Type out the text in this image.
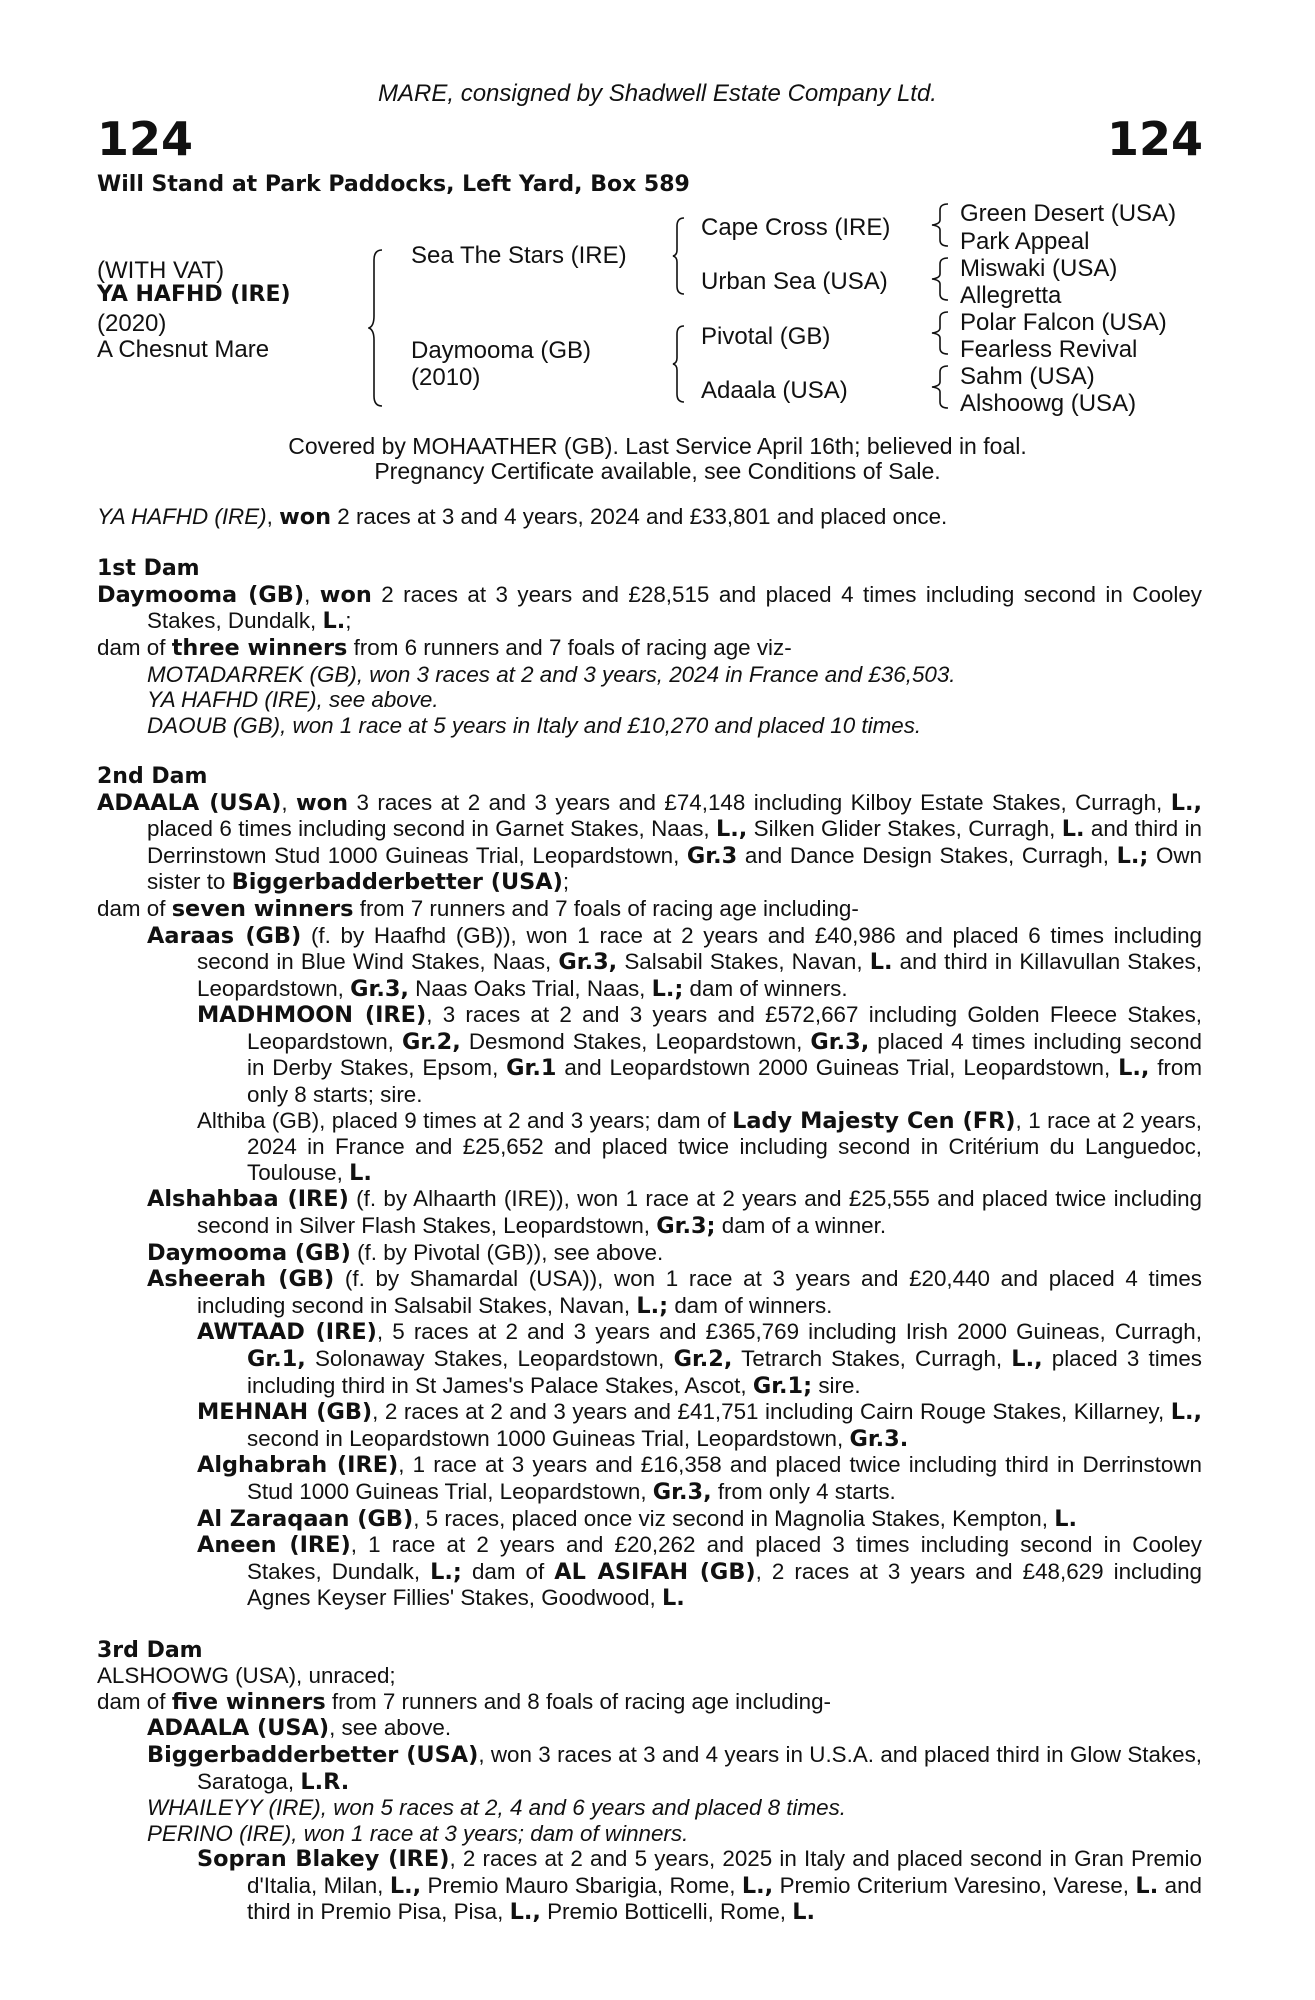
124	124
MARE, consigned by Shadwell Estate Company Ltd.
Will Stand at Park Paddocks, Left Yard, Box 589
(WITH VAT)
YA HAFHD (IRE)
(2020)
A Chesnut Mare
Sea The Stars (IRE)
Daymooma (GB)
(2010)
Cape Cross (IRE)
Urban Sea (USA)
Pivotal (GB)
Adaala (USA)
Green Desert (USA)
Park Appeal
Miswaki (USA)
Allegretta
Polar Falcon (USA)
Fearless Revival
Sahm (USA)
Alshoowg (USA)
Covered by MOHAATHER (GB). Last Service April 16th; believed in foal.
Pregnancy Certificate available, see Conditions of Sale.

YA HAFHD (IRE), won 2 races at 3 and 4 years, 2024 and £33,801 and placed once.

1st Dam

Daymooma (GB), won 2 races at 3 years and £28,515 and placed 4 times including second in Cooley Stakes, Dundalk, L.;

dam of three winners from 6 runners and 7 foals of racing age viz-

MOTADARREK (GB), won 3 races at 2 and 3 years, 2024 in France and £36,503.

YA HAFHD (IRE), see above.

DAOUB (GB), won 1 race at 5 years in Italy and £10,270 and placed 10 times.

2nd Dam

ADAALA (USA), won 3 races at 2 and 3 years and £74,148 including Kilboy Estate Stakes, Curragh, L., placed 6 times including second in Garnet Stakes, Naas, L., Silken Glider Stakes, Curragh, L. and third in Derrinstown Stud 1000 Guineas Trial, Leopardstown, Gr.3 and Dance Design Stakes, Curragh, L.; Own sister to Biggerbadderbetter (USA);

dam of seven winners from 7 runners and 7 foals of racing age including-

Aaraas (GB) (f. by Haafhd (GB)), won 1 race at 2 years and £40,986 and placed 6 times including second in Blue Wind Stakes, Naas, Gr.3, Salsabil Stakes, Navan, L. and third in Killavullan Stakes, Leopardstown, Gr.3, Naas Oaks Trial, Naas, L.; dam of winners.

MADHMOON (IRE), 3 races at 2 and 3 years and £572,667 including Golden Fleece Stakes, Leopardstown, Gr.2, Desmond Stakes, Leopardstown, Gr.3, placed 4 times including second in Derby Stakes, Epsom, Gr.1 and Leopardstown 2000 Guineas Trial, Leopardstown, L., from only 8 starts; sire.

Althiba (GB), placed 9 times at 2 and 3 years; dam of Lady Majesty Cen (FR), 1 race at 2 years, 2024 in France and £25,652 and placed twice including second in Critérium du Languedoc, Toulouse, L.

Alshahbaa (IRE) (f. by Alhaarth (IRE)), won 1 race at 2 years and £25,555 and placed twice including second in Silver Flash Stakes, Leopardstown, Gr.3; dam of a winner.

Daymooma (GB) (f. by Pivotal (GB)), see above.

Asheerah (GB) (f. by Shamardal (USA)), won 1 race at 3 years and £20,440 and placed 4 times including second in Salsabil Stakes, Navan, L.; dam of winners.

AWTAAD (IRE), 5 races at 2 and 3 years and £365,769 including Irish 2000 Guineas, Curragh, Gr.1, Solonaway Stakes, Leopardstown, Gr.2, Tetrarch Stakes, Curragh, L., placed 3 times including third in St James's Palace Stakes, Ascot, Gr.1; sire.

MEHNAH (GB), 2 races at 2 and 3 years and £41,751 including Cairn Rouge Stakes, Killarney, L., second in Leopardstown 1000 Guineas Trial, Leopardstown, Gr.3.

Alghabrah (IRE), 1 race at 3 years and £16,358 and placed twice including third in Derrinstown Stud 1000 Guineas Trial, Leopardstown, Gr.3, from only 4 starts.

Al Zaraqaan (GB), 5 races, placed once viz second in Magnolia Stakes, Kempton, L.

Aneen (IRE), 1 race at 2 years and £20,262 and placed 3 times including second in Cooley Stakes, Dundalk, L.; dam of AL ASIFAH (GB), 2 races at 3 years and £48,629 including Agnes Keyser Fillies' Stakes, Goodwood, L.

3rd Dam

ALSHOOWG (USA), unraced;

dam of five winners from 7 runners and 8 foals of racing age including-

ADAALA (USA), see above.

Biggerbadderbetter (USA), won 3 races at 3 and 4 years in U.S.A. and placed third in Glow Stakes, Saratoga, L.R.

WHAILEYY (IRE), won 5 races at 2, 4 and 6 years and placed 8 times.

PERINO (IRE), won 1 race at 3 years; dam of winners.

Sopran Blakey (IRE), 2 races at 2 and 5 years, 2025 in Italy and placed second in Gran Premio d'Italia, Milan, L., Premio Mauro Sbarigia, Rome, L., Premio Criterium Varesino, Varese, L. and third in Premio Pisa, Pisa, L., Premio Botticelli, Rome, L.
